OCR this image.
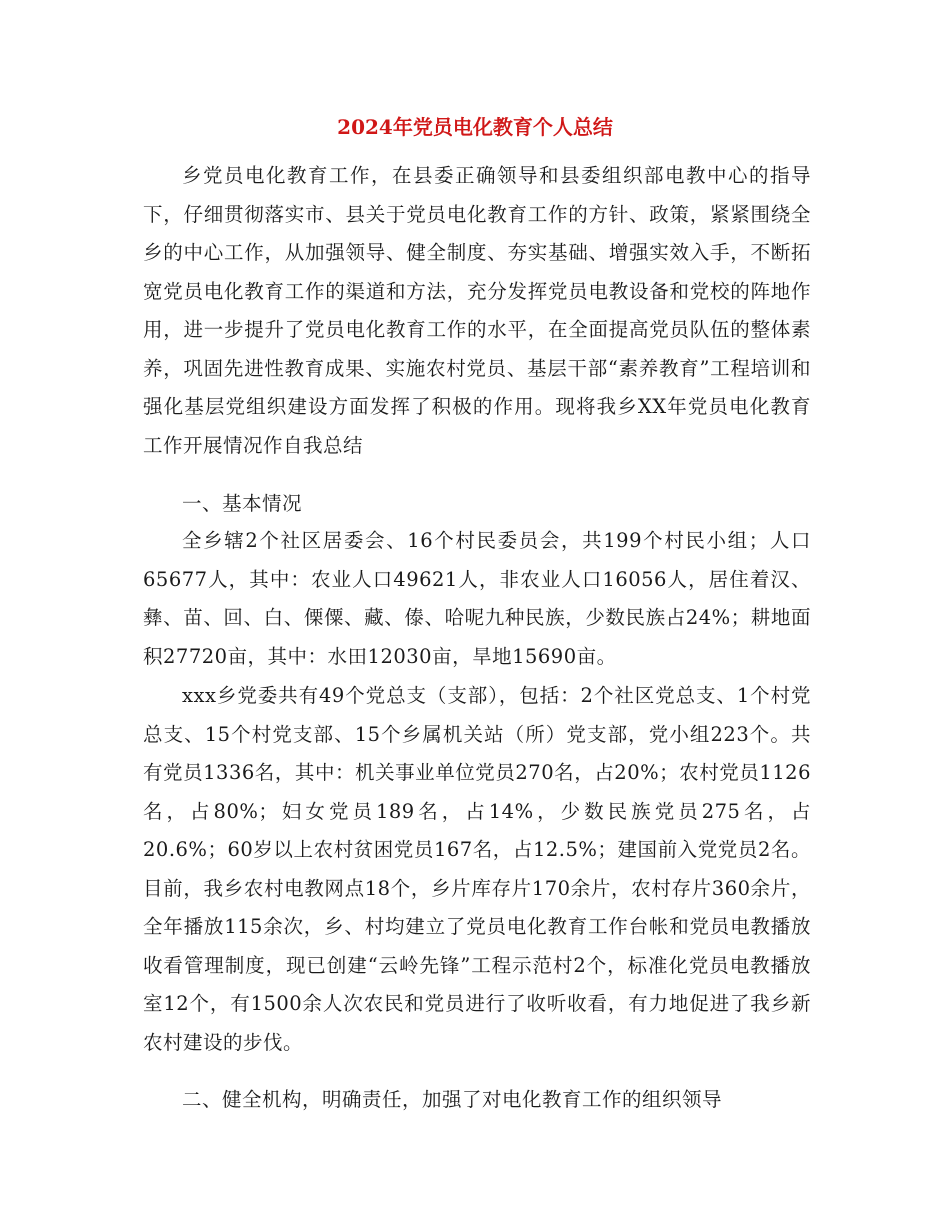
2024年党员电化教育个人总结

乡党员电化教育工作，在县委正确领导和县委组织部电教中心的指导下，仔细贯彻落实市、县关于党员电化教育工作的方针、政策，紧紧围绕全乡的中心工作，从加强领导、健全制度、夯实基础、增强实效入手，不断拓宽党员电化教育工作的渠道和方法，充分发挥党员电教设备和党校的阵地作用，进一步提升了党员电化教育工作的水平，在全面提高党员队伍的整体素养，巩固先进性教育成果、实施农村党员、基层干部“素养教育”工程培训和强化基层党组织建设方面发挥了积极的作用。现将我乡XX年党员电化教育工作开展情况作自我总结

一、基本情况

全乡辖2个社区居委会、16个村民委员会，共199个村民小组；人口65677人，其中：农业人口49621人，非农业人口16056人，居住着汉、彝、苗、回、白、傈僳、藏、傣、哈呢九种民族，少数民族占24%；耕地面积27720亩，其中：水田12030亩，旱地15690亩。

xxx乡党委共有49个党总支（支部），包括：2个社区党总支、1个村党总支、15个村党支部、15个乡属机关站（所）党支部，党小组223个。共有党员1336名，其中：机关事业单位党员270名，占20%；农村党员1126名，占80%；妇女党员189名，占14%，少数民族党员275名，占20.6%；60岁以上农村贫困党员167名，占12.5%；建国前入党党员2名。目前，我乡农村电教网点18个，乡片库存片170余片，农村存片360余片，全年播放115余次，乡、村均建立了党员电化教育工作台帐和党员电教播放收看管理制度，现已创建“云岭先锋”工程示范村2个，标准化党员电教播放室12个，有1500余人次农民和党员进行了收听收看，有力地促进了我乡新农村建设的步伐。

二、健全机构，明确责任，加强了对电化教育工作的组织领导
